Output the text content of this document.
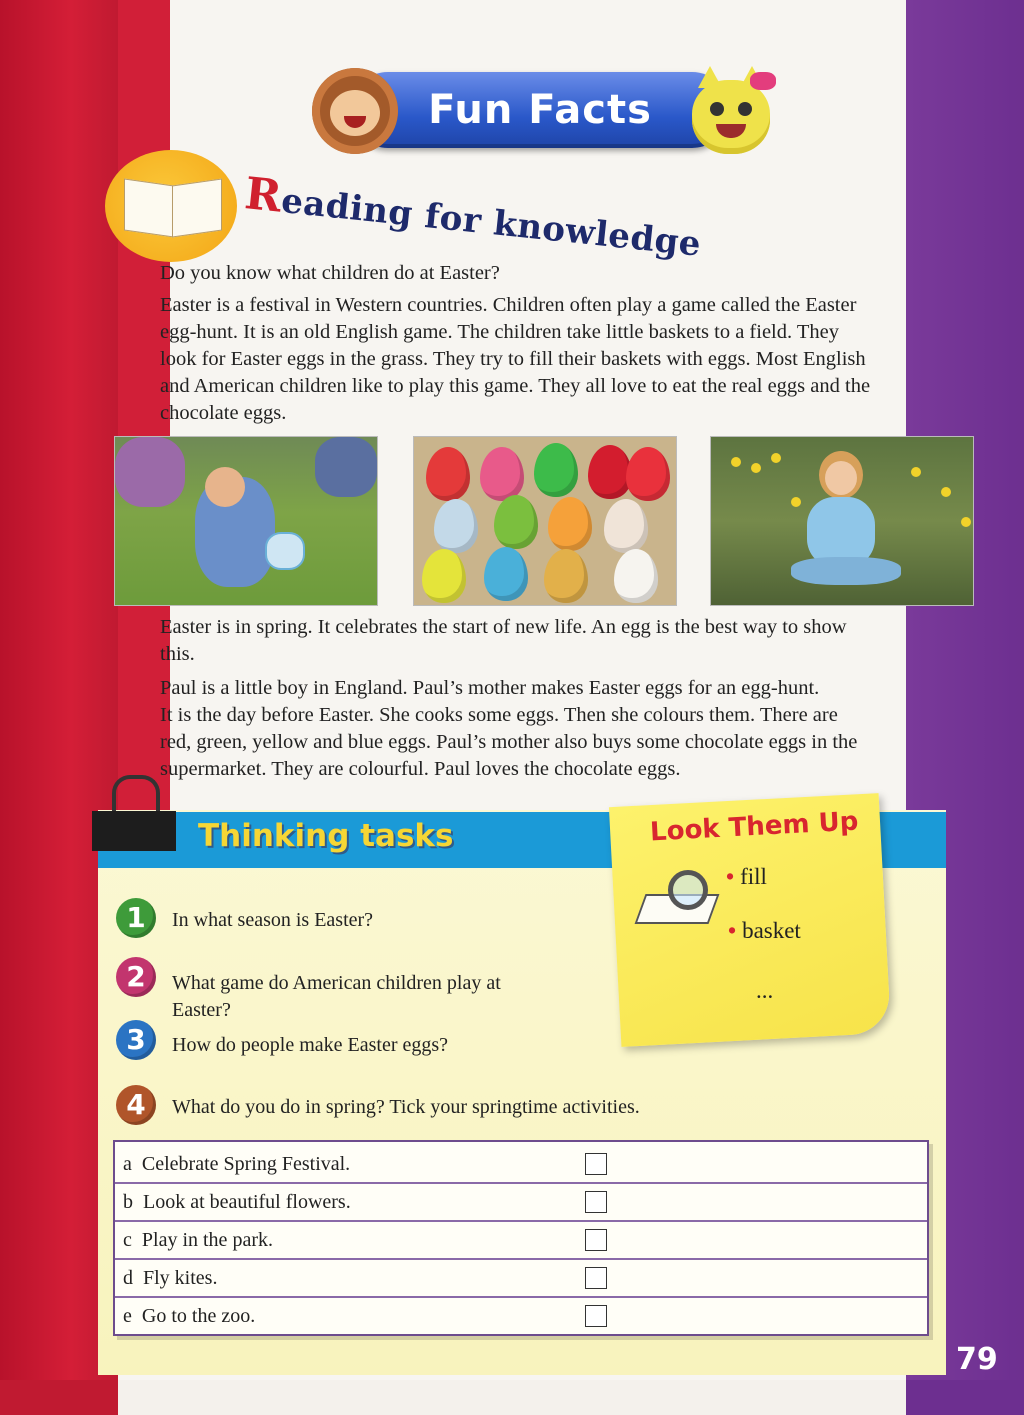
Fun Facts
Reading for knowledge

Do you know what children do at Easter?

Easter is a festival in Western countries. Children often play a game called the Easter

egg-hunt. It is an old English game. The children take little baskets to a field. They

look for Easter eggs in the grass. They try to fill their baskets with eggs. Most English

and American children like to play this game. They all love to eat the real eggs and the

chocolate eggs.

Easter is in spring. It celebrates the start of new life. An egg is the best way to show

this.

Paul is a little boy in England. Paul’s mother makes Easter eggs for an egg-hunt.

It is the day before Easter. She cooks some eggs. Then she colours them. There are

red, green, yellow and blue eggs. Paul’s mother also buys some chocolate eggs in the

supermarket. They are colourful. Paul loves the chocolate eggs.

Thinking tasks	Look Them Up
• fill
• basket
...
1	In what season is Easter?
2	What game do American children play at Easter?
3	How do people make Easter eggs?
4	What do you do in spring? Tick your springtime activities.
a Celebrate Spring Festival.
b Look at beautiful flowers.
c Play in the park.
d Fly kites.
e Go to the zoo.
79
